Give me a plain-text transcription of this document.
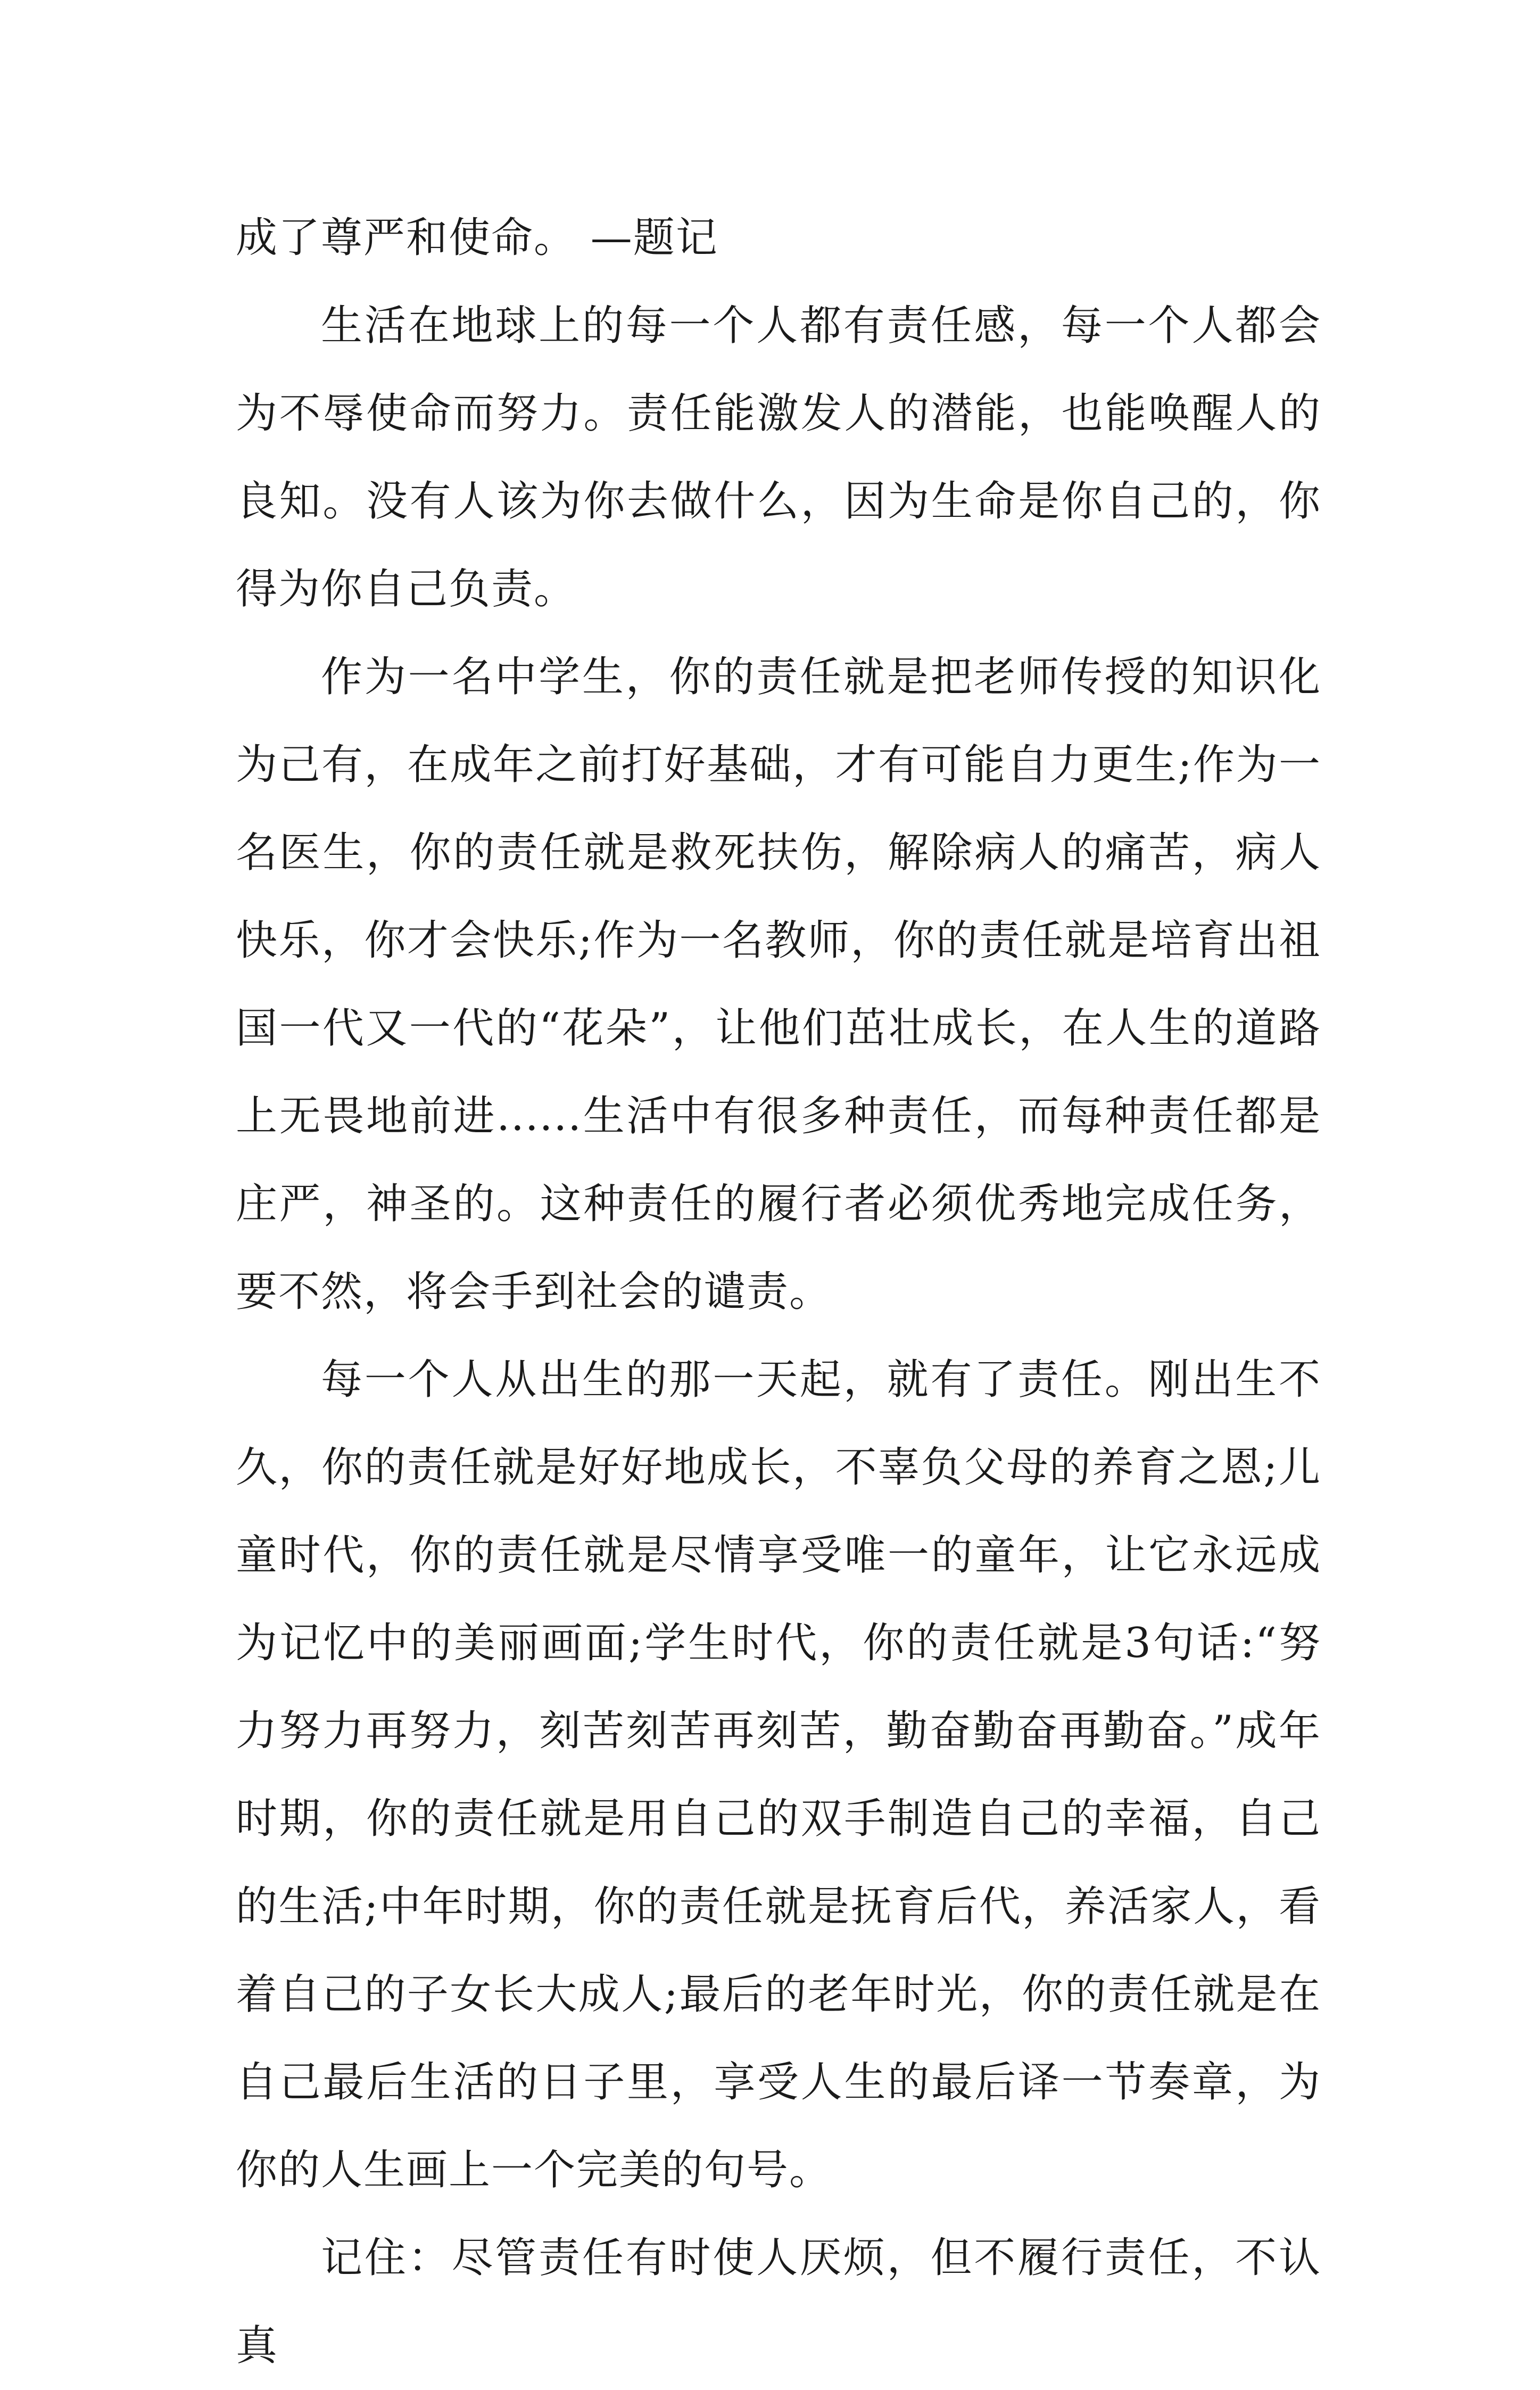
成了尊严和使命。 —题记

生活在地球上的每一个人都有责任感，每一个人都会为不辱使命而努力。责任能激发人的潜能，也能唤醒人的良知。没有人该为你去做什么，因为生命是你自己的，你得为你自己负责。

作为一名中学生，你的责任就是把老师传授的知识化为己有，在成年之前打好基础，才有可能自力更生;作为一名医生，你的责任就是救死扶伤，解除病人的痛苦，病人快乐，你才会快乐;作为一名教师，你的责任就是培育出祖国一代又一代的“花朵”，让他们茁壮成长，在人生的道路上无畏地前进......生活中有很多种责任，而每种责任都是庄严，神圣的。这种责任的履行者必须优秀地完成任务，要不然，将会手到社会的谴责。

每一个人从出生的那一天起，就有了责任。刚出生不久，你的责任就是好好地成长，不辜负父母的养育之恩;儿童时代，你的责任就是尽情享受唯一的童年，让它永远成为记忆中的美丽画面;学生时代，你的责任就是3句话:“努力努力再努力，刻苦刻苦再刻苦，勤奋勤奋再勤奋。”成年时期，你的责任就是用自己的双手制造自己的幸福，自己的生活;中年时期，你的责任就是抚育后代，养活家人，看着自己的子女长大成人;最后的老年时光，你的责任就是在自己最后生活的日子里，享受人生的最后译一节奏章，为你的人生画上一个完美的句号。

记住：尽管责任有时使人厌烦，但不履行责任，不认真
